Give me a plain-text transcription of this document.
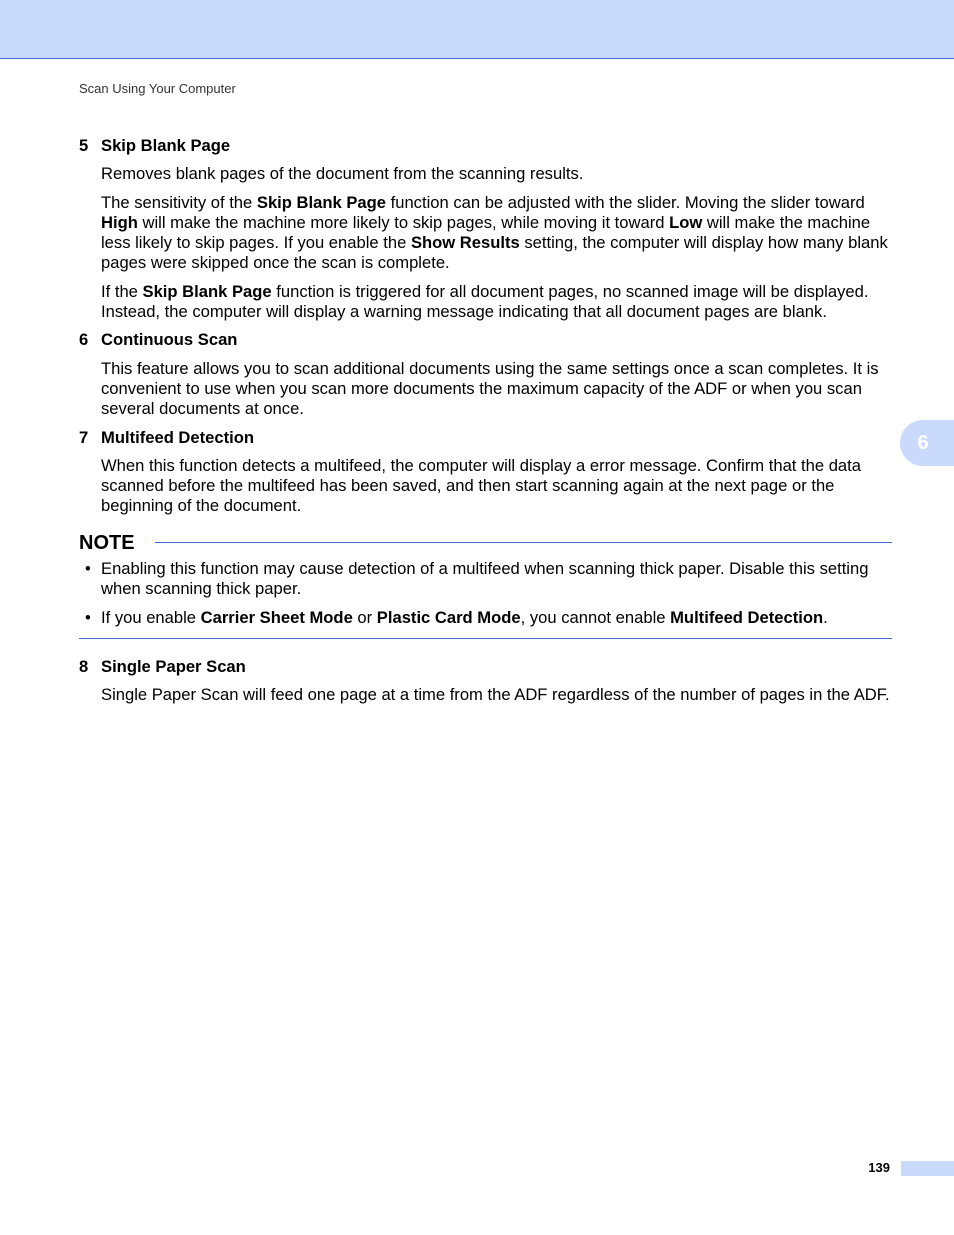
Scan Using Your Computer
6
5 Skip Blank Page

Removes blank pages of the document from the scanning results.

The sensitivity of the Skip Blank Page function can be adjusted with the slider. Moving the slider toward High will make the machine more likely to skip pages, while moving it toward Low will make the machine less likely to skip pages. If you enable the Show Results setting, the computer will display how many blank pages were skipped once the scan is complete.

If the Skip Blank Page function is triggered for all document pages, no scanned image will be displayed. Instead, the computer will display a warning message indicating that all document pages are blank.

6 Continuous Scan

This feature allows you to scan additional documents using the same settings once a scan completes. It is convenient to use when you scan more documents the maximum capacity of the ADF or when you scan several documents at once.

7 Multifeed Detection

When this function detects a multifeed, the computer will display a error message. Confirm that the data scanned before the multifeed has been saved, and then start scanning again at the next page or the beginning of the document.

NOTE
• Enabling this function may cause detection of a multifeed when scanning thick paper. Disable this setting when scanning thick paper.
• If you enable Carrier Sheet Mode or Plastic Card Mode, you cannot enable Multifeed Detection.
8 Single Paper Scan

Single Paper Scan will feed one page at a time from the ADF regardless of the number of pages in the ADF.

139
